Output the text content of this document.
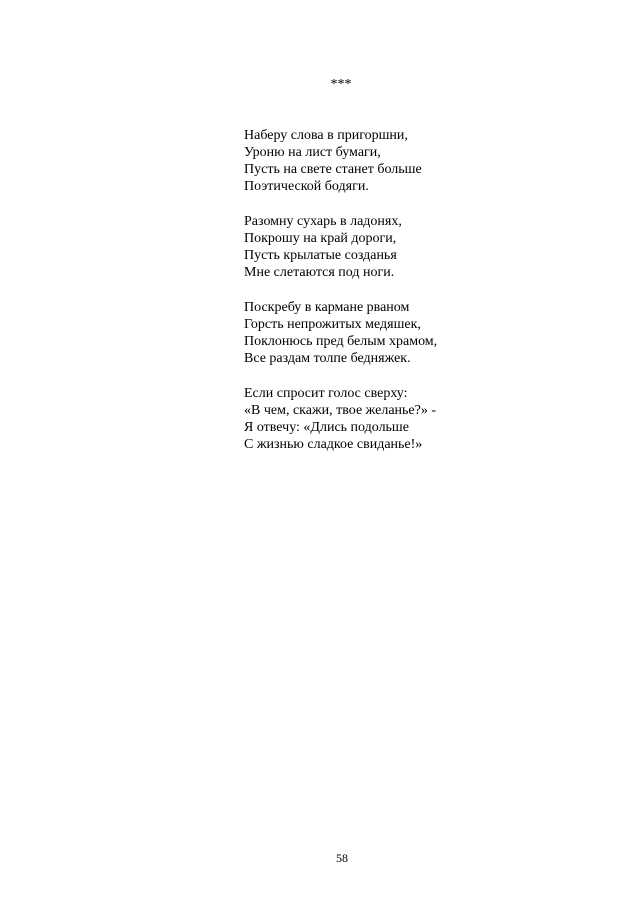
***
Наберу слова в пригоршни,
Уроню на лист бумаги,
Пусть на свете станет больше
Поэтической бодяги.
Разомну сухарь в ладонях,
Покрошу на край дороги,
Пусть крылатые созданья
Мне слетаются под ноги.
Поскребу в кармане рваном
Горсть непрожитых медяшек,
Поклонюсь пред белым храмом,
Все раздам толпе бедняжек.
Если спросит голос сверху:
«В чем, скажи, твое желанье?» -
Я отвечу: «Длись подольше
С жизнью сладкое свиданье!»
58
